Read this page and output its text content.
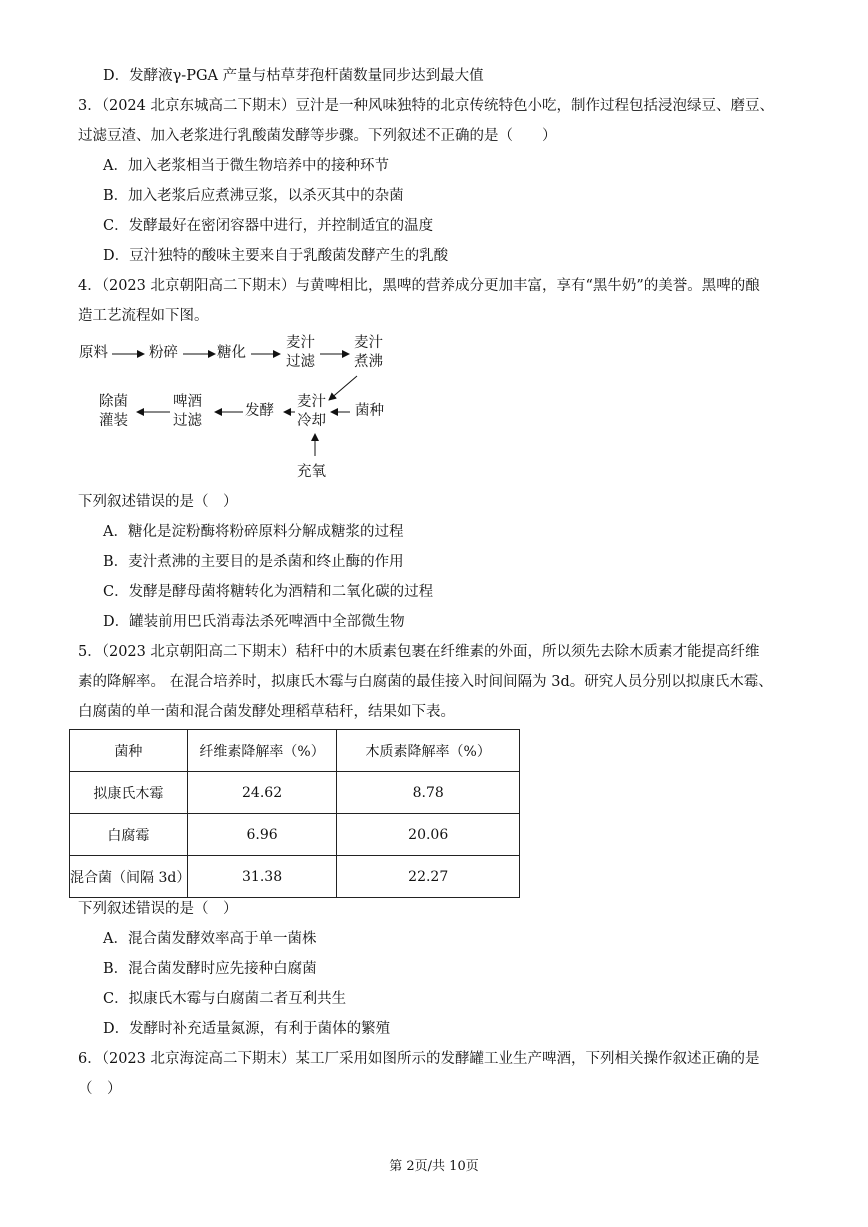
D．发酵液γ-PGA 产量与枯草芽孢杆菌数量同步达到最大值
3．（2024 北京东城高二下期末）豆汁是一种风味独特的北京传统特色小吃，制作过程包括浸泡绿豆、磨豆、
过滤豆渣、加入老浆进行乳酸菌发酵等步骤。下列叙述不正确的是（　　）
A．加入老浆相当于微生物培养中的接种环节
B．加入老浆后应煮沸豆浆，以杀灭其中的杂菌
C．发酵最好在密闭容器中进行，并控制适宜的温度
D．豆汁独特的酸味主要来自于乳酸菌发酵产生的乳酸
4．（2023 北京朝阳高二下期末）与黄啤相比，黑啤的营养成分更加丰富，享有“黑牛奶”的美誉。黑啤的酿
造工艺流程如下图。
原料	粉碎	糖化
麦汁
过滤
麦汁
煮沸
麦汁
冷却
菌种
充氧
发酵
啤酒
过滤
除菌
灌装
下列叙述错误的是（　）
A．糖化是淀粉酶将粉碎原料分解成糖浆的过程
B．麦汁煮沸的主要目的是杀菌和终止酶的作用
C．发酵是酵母菌将糖转化为酒精和二氧化碳的过程
D．罐装前用巴氏消毒法杀死啤酒中全部微生物
5．（2023 北京朝阳高二下期末）秸秆中的木质素包裹在纤维素的外面，所以须先去除木质素才能提高纤维
素的降解率。 在混合培养时，拟康氏木霉与白腐菌的最佳接入时间间隔为 3d。研究人员分别以拟康氏木霉、
白腐菌的单一菌和混合菌发酵处理稻草秸秆，结果如下表。
菌种	纤维素降解率（%）	木质素降解率（%）
拟康氏木霉	24.62	8.78
白腐霉	6.96	20.06
混合菌（间隔 3d）	31.38	22.27
下列叙述错误的是（　）
A．混合菌发酵效率高于单一菌株
B．混合菌发酵时应先接种白腐菌
C．拟康氏木霉与白腐菌二者互利共生
D．发酵时补充适量氮源，有利于菌体的繁殖
6．（2023 北京海淀高二下期末）某工厂采用如图所示的发酵罐工业生产啤酒，下列相关操作叙述正确的是
（　）
第 2页/共 10页
